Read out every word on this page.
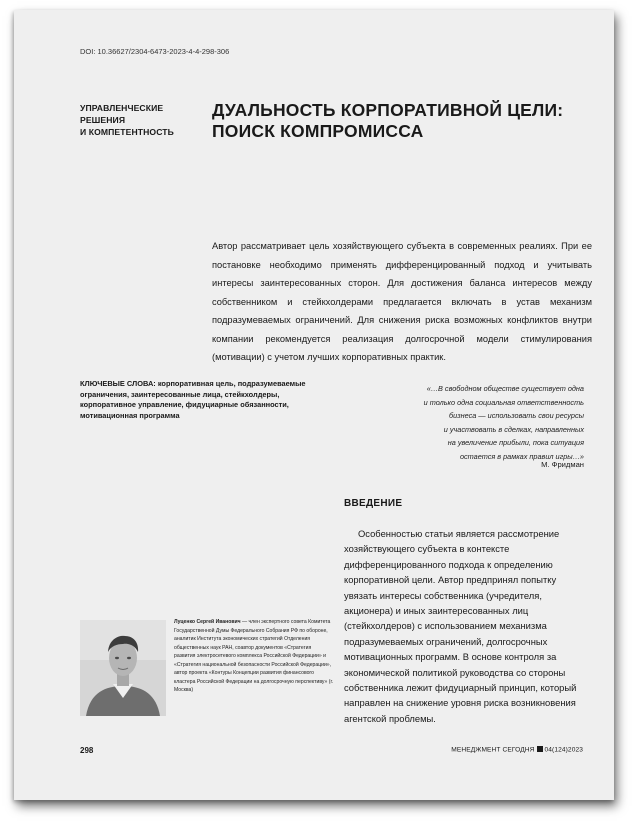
DOI: 10.36627/2304-6473-2023-4-4-298-306
УПРАВЛЕНЧЕСКИЕ
РЕШЕНИЯ
И КОМПЕТЕНТНОСТЬ
ДУАЛЬНОСТЬ КОРПОРАТИВНОЙ ЦЕЛИ:
ПОИСК КОМПРОМИССА
Автор рассматривает цель хозяйствующего субъекта в современных реалиях. При ее постановке необходимо применять дифференцированный подход и учитывать интересы заинтересованных сторон. Для достижения баланса интересов между собственником и стейкхолдерами предлагается включать в устав механизм подразумеваемых ограничений. Для снижения риска возможных конфликтов внутри компании рекомендуется реализация долгосрочной модели стимулирования (мотивации) с учетом лучших корпоративных практик.
КЛЮЧЕВЫЕ СЛОВА: корпоративная цель, подразумеваемые ограничения, заинтересованные лица, стейкхолдеры, корпоративное управление, фидуциарные обязанности, мотивационная программа
«…В свободном обществе существует одна
и только одна социальная ответственность
бизнеса — использовать свои ресурсы
и участвовать в сделках, направленных
на увеличение прибыли, пока ситуация
остается в рамках правил игры…»
М. Фридман
ВВЕДЕНИЕ
Особенностью статьи является рассмотрение хозяйствующего субъекта в контексте дифференцированного подхода к определению корпоративной цели. Автор предпринял попытку увязать интересы собственника (учредителя, акционера) и иных заинтересованных лиц (стейкхолдеров) с использованием механизма подразумеваемых ограничений, долгосрочных мотивационных программ. В основе контроля за экономической политикой руководства со стороны собственника лежит фидуциарный принцип, который направлен на снижение уровня риска возникновения агентской проблемы.
Луценко Сергей Иванович — член экспертного совета Комитета Государственной Думы Федерального Собрания РФ по обороне, аналитик Института экономических стратегий Отделения общественных наук РАН, соавтор документов «Стратегия развития электросетевого комплекса Российской Федерации» и «Стратегия национальной безопасности Российской Федерации», автор проекта «Контуры Концепции развития финансового кластера Российской Федерации на долгосрочную перспективу» (г. Москва)
298	МЕНЕДЖМЕНТ СЕГОДНЯ 04(124)2023
